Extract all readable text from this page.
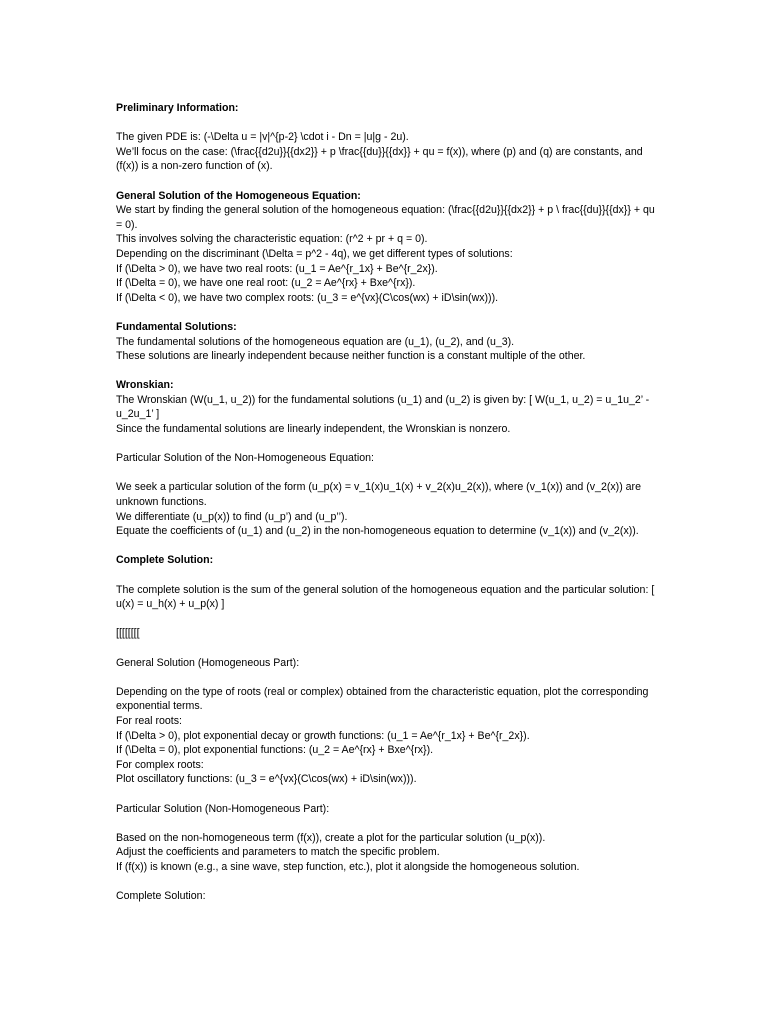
Preliminary Information:
The given PDE is: (-\Delta u = |v|^{p-2} \cdot i - Dn = |u|g - 2u).
We’ll focus on the case: (\frac{{d2u}}{{dx2}} + p \frac{{du}}{{dx}} + qu = f(x)), where (p) and (q) are constants, and (f(x)) is a non-zero function of (x).
General Solution of the Homogeneous Equation:
We start by finding the general solution of the homogeneous equation: (\frac{{d2u}}{{dx2}} + p \ frac{{du}}{{dx}} + qu = 0).
This involves solving the characteristic equation: (r^2 + pr + q = 0).
Depending on the discriminant (\Delta = p^2 - 4q), we get different types of solutions:
If (\Delta > 0), we have two real roots: (u_1 = Ae^{r_1x} + Be^{r_2x}).
If (\Delta = 0), we have one real root: (u_2 = Ae^{rx} + Bxe^{rx}).
If (\Delta < 0), we have two complex roots: (u_3 = e^{vx}(C\cos(wx) + iD\sin(wx))).
Fundamental Solutions:
The fundamental solutions of the homogeneous equation are (u_1), (u_2), and (u_3).
These solutions are linearly independent because neither function is a constant multiple of the other.
Wronskian:
The Wronskian (W(u_1, u_2)) for the fundamental solutions (u_1) and (u_2) is given by: [ W(u_1, u_2) = u_1u_2’ - u_2u_1’ ]
Since the fundamental solutions are linearly independent, the Wronskian is nonzero.
Particular Solution of the Non-Homogeneous Equation:
We seek a particular solution of the form (u_p(x) = v_1(x)u_1(x) + v_2(x)u_2(x)), where (v_1(x)) and (v_2(x)) are unknown functions.
We differentiate (u_p(x)) to find (u_p’) and (u_p’’).
Equate the coefficients of (u_1) and (u_2) in the non-homogeneous equation to determine (v_1(x)) and (v_2(x)).
Complete Solution:
The complete solution is the sum of the general solution of the homogeneous equation and the particular solution: [ u(x) = u_h(x) + u_p(x) ]
[[[[[[[[
General Solution (Homogeneous Part):
Depending on the type of roots (real or complex) obtained from the characteristic equation, plot the corresponding exponential terms.
For real roots:
If (\Delta > 0), plot exponential decay or growth functions: (u_1 = Ae^{r_1x} + Be^{r_2x}).
If (\Delta = 0), plot exponential functions: (u_2 = Ae^{rx} + Bxe^{rx}).
For complex roots:
Plot oscillatory functions: (u_3 = e^{vx}(C\cos(wx) + iD\sin(wx))).
Particular Solution (Non-Homogeneous Part):
Based on the non-homogeneous term (f(x)), create a plot for the particular solution (u_p(x)).
Adjust the coefficients and parameters to match the specific problem.
If (f(x)) is known (e.g., a sine wave, step function, etc.), plot it alongside the homogeneous solution.
Complete Solution:
